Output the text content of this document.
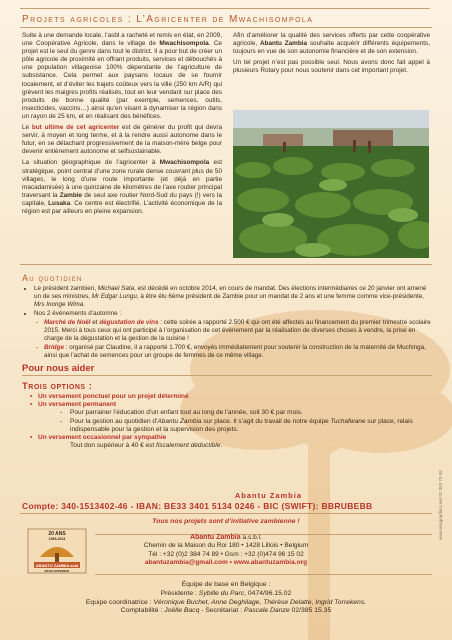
Projets agricoles : L’Agricenter de Mwachisompola

Suite à une demande locale, l’asbl a racheté et remis en état, en 2009, une Coopérative Agricole, dans le village de Mwachisompola. Ce projet est le seul du genre dans tout le district. Il a pour but de créer un pôle agricole de proximité en offrant produits, services et débouchés à une population villageoise 100% dépendante de l’agriculture de subsistance. Cela permet aux paysans locaux de se fournir localement, et d’éviter les trajets coûteux vers la ville (250 km A/R) qui grèvent les maigres profits réalisés, tout en leur vendant sur place des produits de bonne qualité (par exemple, semences, outils, insecticides, vaccins…) ainsi qu’en visant à dynamiser la région dans un rayon de 25 km, et en réalisant des bénéfices.

Le but ultime de cet agricenter est de générer du profit qui devra servir, à moyen et long terme, et à la rendre aussi autonome dans le futur, en se détachant progressivement de la maison-mère belge pour devenir entièrement autonome et selfsustainable.

La situation géographique de l’agricenter à Mwachisompola est stratégique, point central d’une zone rurale dense couvrant plus de 50 villages, le long d’une route importante (et déjà en partie macadamisée) à une quinzaine de kilomètres de l’axe routier principal traversant la Zambie de seul axe routier Nord-Sud du pays (!) vers la capitale, Lusaka. Ce centre est électrifié. L’activité économique de la région est par ailleurs en pleine expansion.

Afin d’améliorer la qualité des services offerts par cette coopérative agricole, Abantu Zambia souhaite acquérir différents équipements, toujours en vue de son autonomie financière et de son extension.

Un tel projet n’est pas possible seul. Nous avons donc fait appel à plusieurs Rotary pour nous soutenir dans cet important projet.

Au quotidien
• Le président zambien, Michael Sata, est décédé en octobre 2014, en cours de mandat. Des élections intermédiaires ce 20 janvier ont amené un de ses ministres, Mr Edgar Lungu, à être élu 6ème président de Zambie pour un mandat de 2 ans et une femme comme vice-présidente, Mrs Inonge Wima.
• Nos 2 événements d’automne :
- Marché de Noël et dégustation de vins : cette soirée a rapporté 2.500 € qui ont été affectés au financement du premier trimestre scolaire 2015. Merci à tous ceux qui ont participé à l’organisation de cet évènement par la réalisation de diverses choses à vendre, la prise en charge de la dégustation et la gestion de la cuisine !
- Bridge : organisé par Claudine, il a rapporté 1.700 €, envoyés immédiatement pour soutenir la construction de la maternité de Muchinga, ainsi que l’achat de semences pour un groupe de femmes de ce même village.
Pour nous aider
Trois options :
• Un versement ponctuel pour un projet déterminé
• Un versement permanent
- Pour parrainer l’éducation d’un enfant tout au long de l’année, soit 30 € par mois.
- Pour la gestion au quotidien d’Abantu Zambia sur place. Il s’agit du travail de notre équipe Tuchafwane sur place, relais indispensable pour la gestion et la supervision des projets.
• Un versement occasionnel par sympathie
Tout don supérieur à 40 € est fiscalement déductible.
Abantu Zambia
Compte: 340-1513402-46 - IBAN: BE33 3401 5134 0246 - BIC (SWIFT): BBRUBEBB
Tous nos projets sont d’initiative zambienne !
20 ANS
1994-2014
ABANTU ZAMBIA asbl
DÉVELOPPEMENT
Abantu Zambia a.s.b.l.
Chemin de la Maison du Roi 180 • 1428 Lillois • Belgium
Tél : +32 (0)2 384 74 89 • Gsm : +32 (0)474 96 15 02
abantuzambia@gmail.com • www.abantuzambia.org
Équipe de base en Belgique :
Présidente : Sybille du Parc, 0474/96.15.02
Equipe coordinatrice : Véronique Buchet, Anne Deghilage, Thérèse Delatte, Ingrid Torrekens.
Comptabilité : Joëlle Bacq - Secrétariat : Pascale Danze 02/385 15.35
www.mixgraphics.net 02 383 70 56
